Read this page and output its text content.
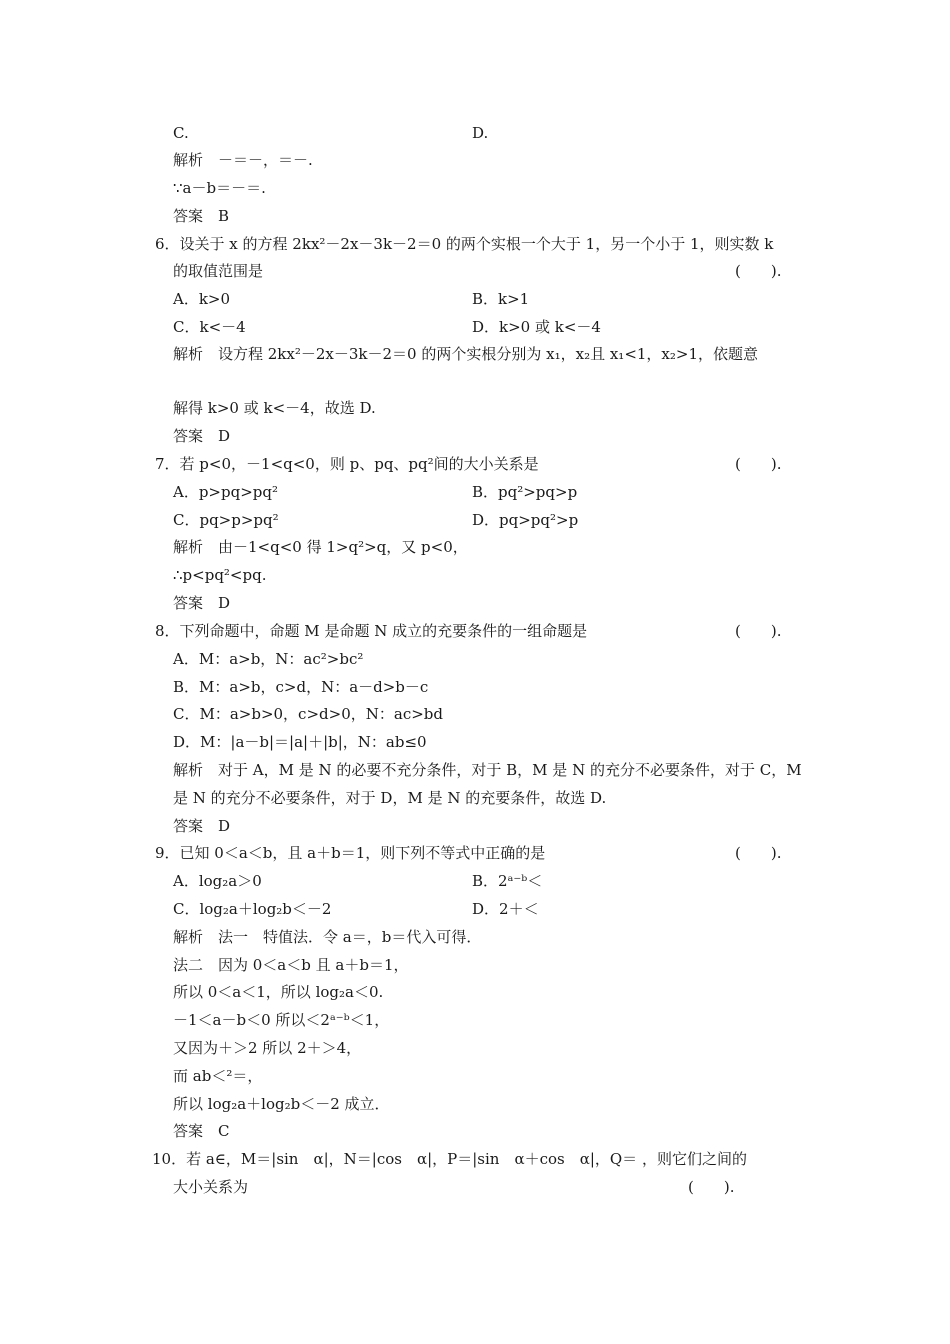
C.	D.
解析　－＝－，＝－.
∵a－b＝－＝.
答案　B
6．设关于 x 的方程 2kx²－2x－3k－2＝0 的两个实根一个大于 1，另一个小于 1，则实数 k
的取值范围是	(　　).
A．k>0	B．k>1
C．k<－4	D．k>0 或 k<－4
解析　设方程 2kx²－2x－3k－2＝0 的两个实根分别为 x₁，x₂且 x₁<1，x₂>1，依题意
解得 k>0 或 k<－4，故选 D.
答案　D
7．若 p<0，－1<q<0，则 p、pq、pq²间的大小关系是	(　　).
A．p>pq>pq²	B．pq²>pq>p
C．pq>p>pq²	D．pq>pq²>p
解析　由－1<q<0 得 1>q²>q，又 p<0，
∴p<pq²<pq.
答案　D
8．下列命题中，命题 M 是命题 N 成立的充要条件的一组命题是	(　　).
A．M：a>b，N：ac²>bc²
B．M：a>b，c>d，N：a－d>b－c
C．M：a>b>0，c>d>0，N：ac>bd
D．M：|a－b|＝|a|＋|b|，N：ab≤0
解析　对于 A，M 是 N 的必要不充分条件，对于 B，M 是 N 的充分不必要条件，对于 C，M
是 N 的充分不必要条件，对于 D，M 是 N 的充要条件，故选 D.
答案　D
9．已知 0＜a＜b，且 a＋b＝1，则下列不等式中正确的是	(　　).
A．log₂a＞0	B．2ᵃ⁻ᵇ＜
C．log₂a＋log₂b＜－2	D．2＋＜
解析　法一　特值法．令 a＝，b＝代入可得．
法二　因为 0＜a＜b 且 a＋b＝1，
所以 0＜a＜1，所以 log₂a＜0.
－1＜a－b＜0 所以＜2ᵃ⁻ᵇ＜1，
又因为＋＞2 所以 2＋＞4，
而 ab＜²＝，
所以 log₂a＋log₂b＜－2 成立．
答案　C
10．若 a∈，M＝|sin　α|，N＝|cos　α|，P＝|sin　α＋cos　α|，Q＝ ，则它们之间的
大小关系为	(　　).
